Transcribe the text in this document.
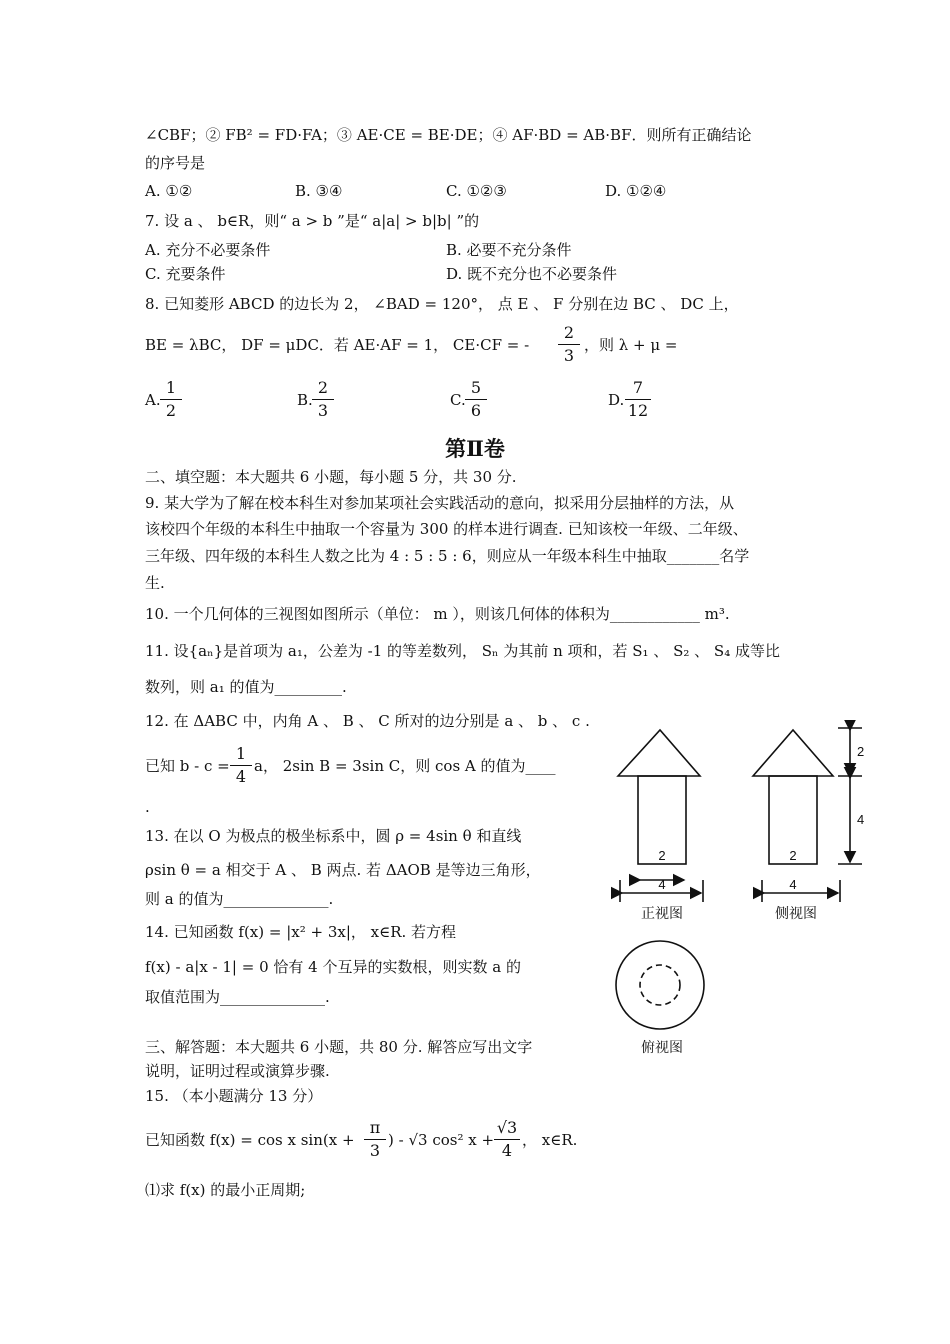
∠CBF；② FB² = FD·FA；③ AE·CE = BE·DE；④ AF·BD = AB·BF．则所有正确结论
的序号是
A. ①②	B. ③④	C. ①②③	D. ①②④
7. 设 a 、 b∈R，则“ a > b ”是“ a|a| > b|b| ”的
A. 充分不必要条件	B. 必要不充分条件
C. 充要条件	D. 既不充分也不必要条件
8. 已知菱形 ABCD 的边长为 2， ∠BAD = 120°， 点 E 、 F 分别在边 BC 、 DC 上，
BE = λBC， DF = μDC．若 AE·AF = 1， CE·CF = - $\frac{2}{3}$ ，则 λ + μ =
A. $\frac{1}{2}$	B. $\frac{2}{3}$	C. $\frac{5}{6}$	D. $\frac{7}{12}$
第Ⅱ卷
二、填空题：本大题共 6 小题，每小题 5 分，共 30 分.
9. 某大学为了解在校本科生对参加某项社会实践活动的意向，拟采用分层抽样的方法，从
该校四个年级的本科生中抽取一个容量为 300 的样本进行调查. 已知该校一年级、二年级、
三年级、四年级的本科生人数之比为 4 : 5 : 5 : 6，则应从一年级本科生中抽取_______名学
生.
10. 一个几何体的三视图如图所示（单位： m ），则该几何体的体积为____________ m³.
11. 设{aₙ}是首项为 a₁，公差为 -1 的等差数列， Sₙ 为其前 n 项和，若 S₁ 、 S₂ 、 S₄ 成等比
数列，则 a₁ 的值为_________.
12. 在 ΔABC 中，内角 A 、 B 、 C 所对的边分别是 a 、 b 、 c .
已知 $b - c = \frac{1}{4}$ a， 2sin B = 3sin C，则 cos A 的值为____
.
13. 在以 O 为极点的极坐标系中，圆 ρ = 4sin θ 和直线
ρsin θ = a 相交于 A 、 B 两点. 若 ΔAOB 是等边三角形，
则 a 的值为______________.
14. 已知函数 f(x) = |x² + 3x|， x∈R. 若方程
f(x) - a|x - 1| = 0 恰有 4 个互异的实数根，则实数 a 的
取值范围为______________.
三、解答题：本大题共 6 小题，共 80 分. 解答应写出文字
说明，证明过程或演算步骤.
15. （本小题满分 13 分）
已知函数 f(x) = cos x $\sin(x + \frac{\pi}{3}$ ) - √3 cos² $x + \frac{√3}{4}$ ， x∈R.
⑴求 f(x) 的最小正周期;
2
4
2
4
2
4
正视图	侧视图
俯视图
